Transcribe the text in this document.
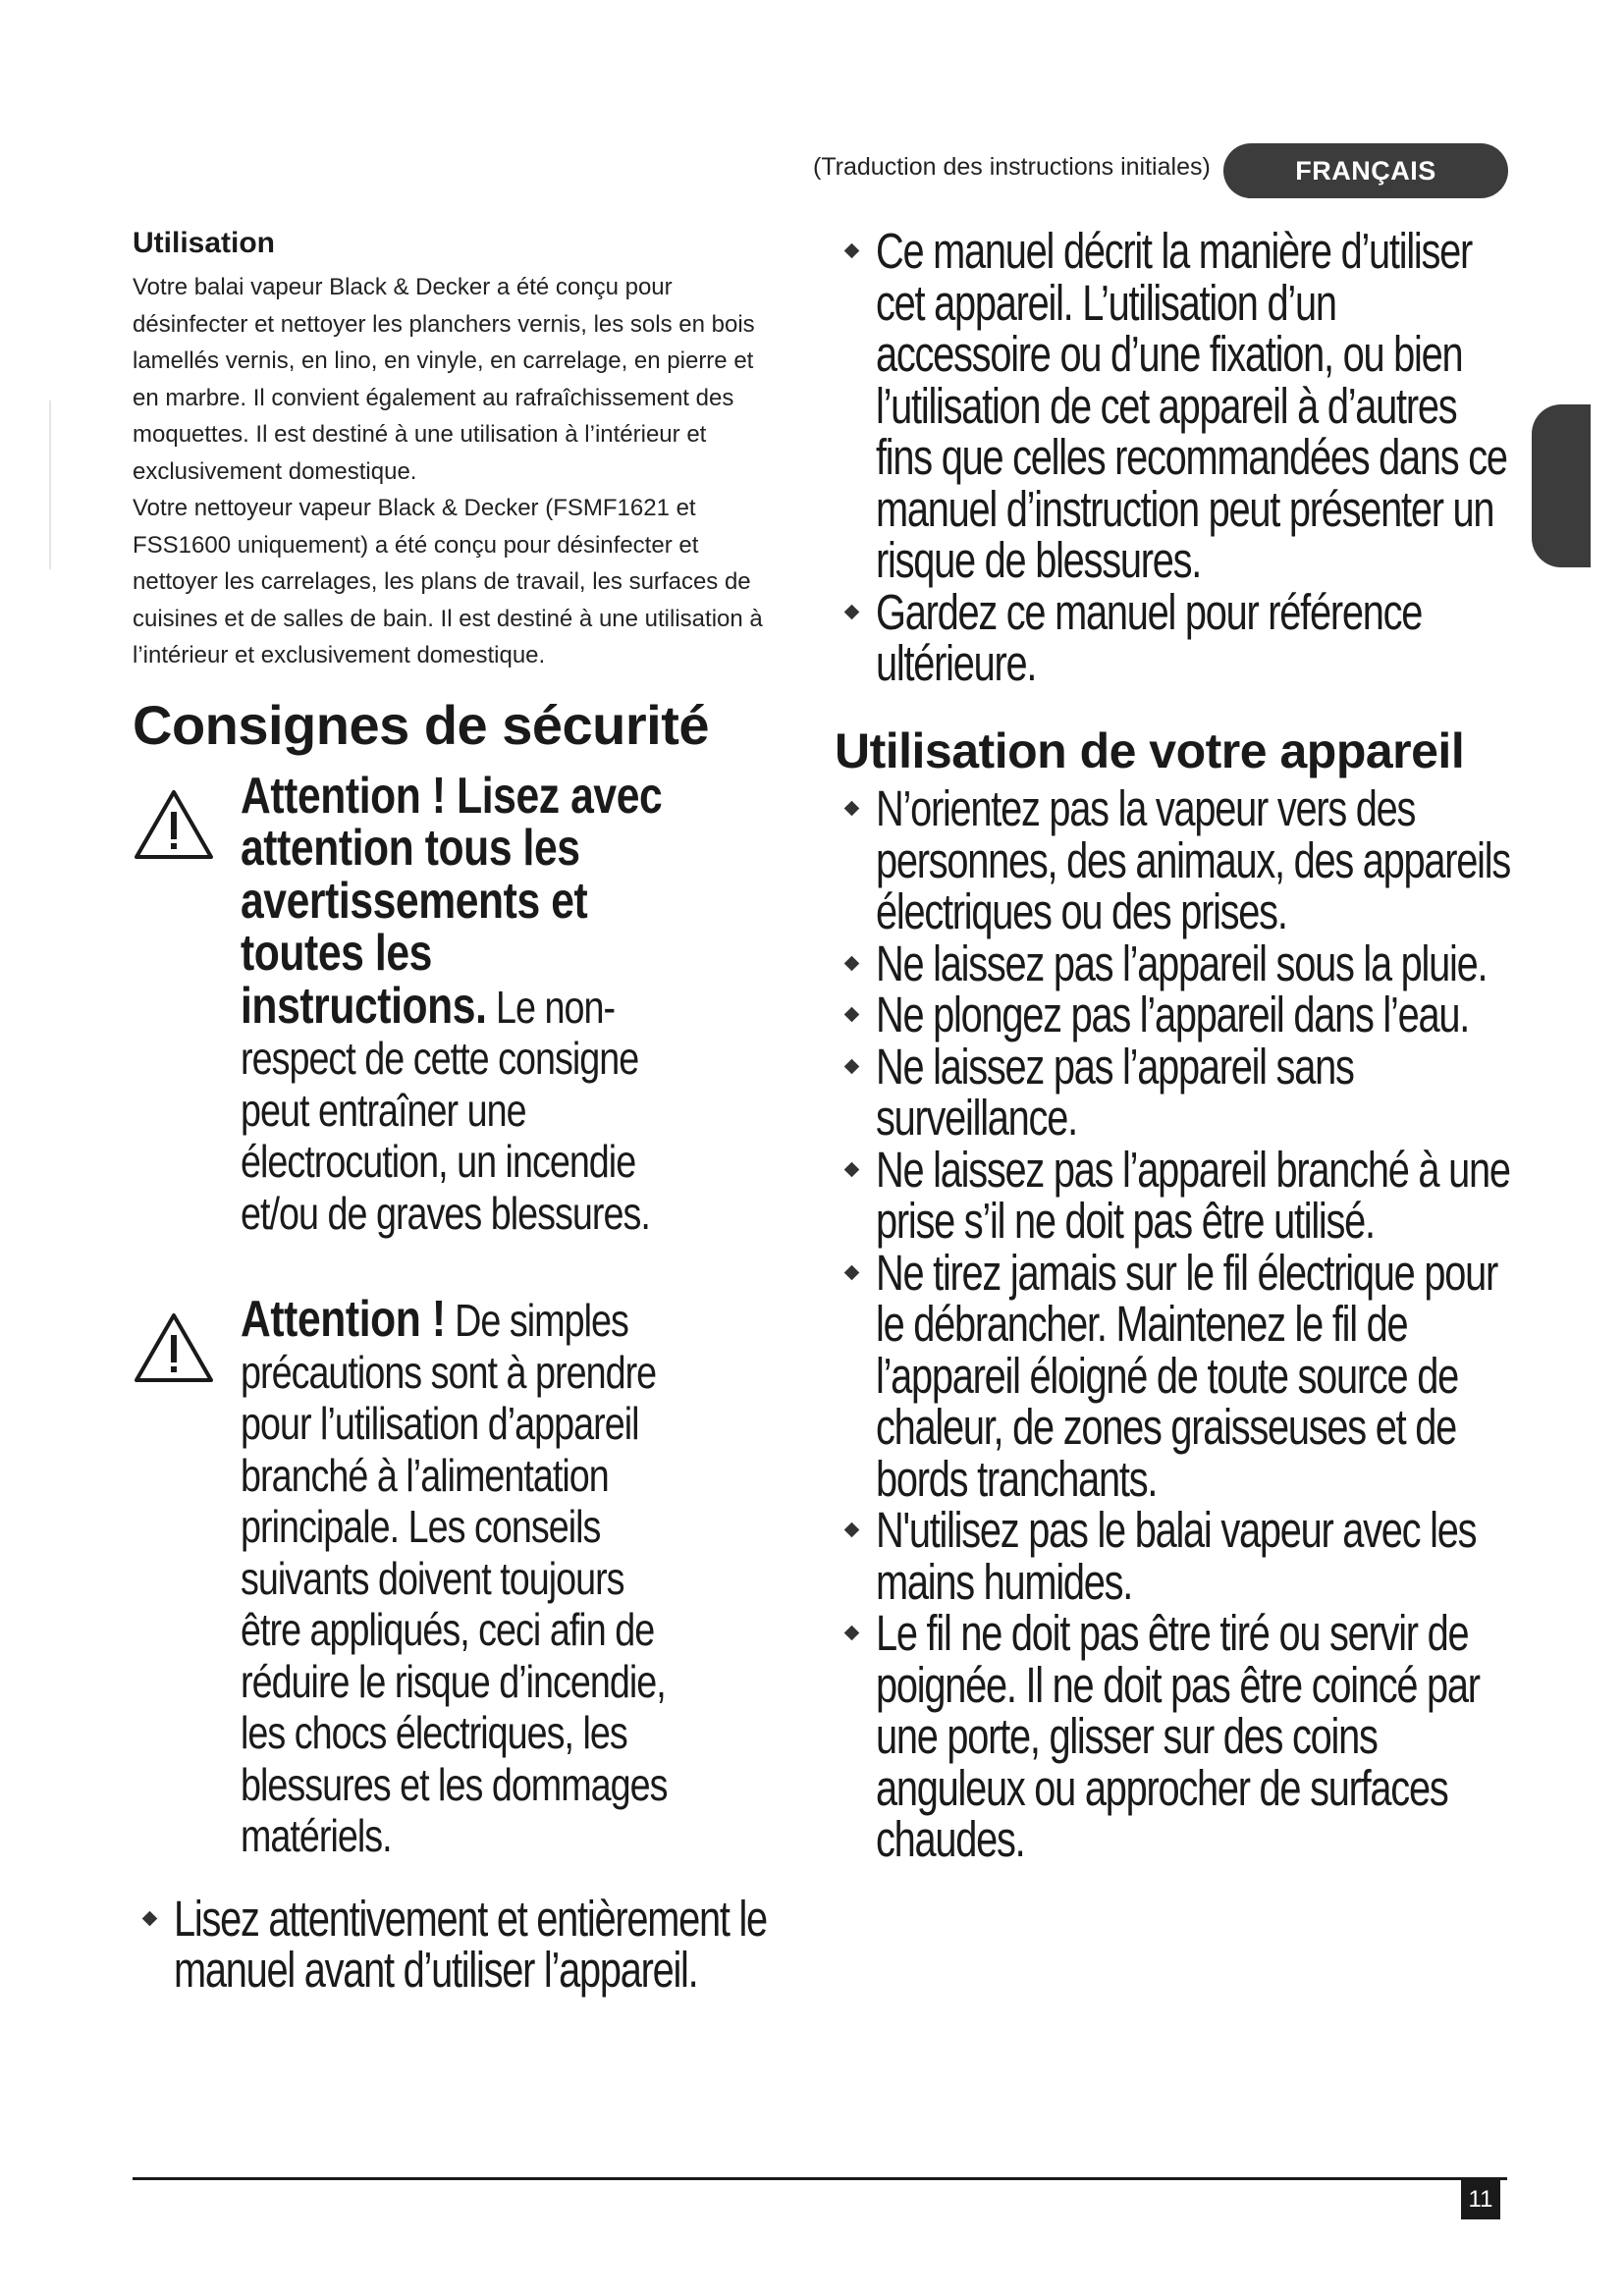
(Traduction des instructions initiales)	FRANÇAIS
Utilisation

Votre balai vapeur Black & Decker a été conçu pour désinfecter et nettoyer les planchers vernis, les sols en bois lamellés vernis, en lino, en vinyle, en carrelage, en pierre et en marbre. Il convient également au rafraîchissement des moquettes. Il est destiné à une utilisation à l’intérieur et exclusivement domestique.

Votre nettoyeur vapeur Black & Decker (FSMF1621 et FSS1600 uniquement) a été conçu pour désinfecter et nettoyer les carrelages, les plans de travail, les surfaces de cuisines et de salles de bain. Il est destiné à une utilisation à l’intérieur et exclusivement domestique.

Consignes de sécurité
Attention ! Lisez avec attention tous les avertissements et toutes les instructions. Le non-respect de cette consigne peut entraîner une électrocution, un incendie et/ou de graves blessures.
Attention ! De simples précautions sont à prendre pour l’utilisation d’appareil branché à l’alimentation principale. Les conseils suivants doivent toujours être appliqués, ceci afin de réduire le risque d’incendie, les chocs électriques, les blessures et les dommages matériels.
Lisez attentivement et entièrement le manuel avant d’utiliser l’appareil.
Ce manuel décrit la manière d’utiliser cet appareil. L’utilisation d’un accessoire ou d’une fixation, ou bien l’utilisation de cet appareil à d’autres fins que celles recommandées dans ce manuel d’instruction peut présenter un risque de blessures.
Gardez ce manuel pour référence ultérieure.
Utilisation de votre appareil
N’orientez pas la vapeur vers des personnes, des animaux, des appareils électriques ou des prises.
Ne laissez pas l’appareil sous la pluie.
Ne plongez pas l’appareil dans l’eau.
Ne laissez pas l’appareil sans surveillance.
Ne laissez pas l’appareil branché à une prise s’il ne doit pas être utilisé.
Ne tirez jamais sur le fil électrique pour le débrancher. Maintenez le fil de l’appareil éloigné de toute source de chaleur, de zones graisseuses et de bords tranchants.
N'utilisez pas le balai vapeur avec les mains humides.
Le fil ne doit pas être tiré ou servir de poignée. Il ne doit pas être coincé par une porte, glisser sur des coins anguleux ou approcher de surfaces chaudes.
11
